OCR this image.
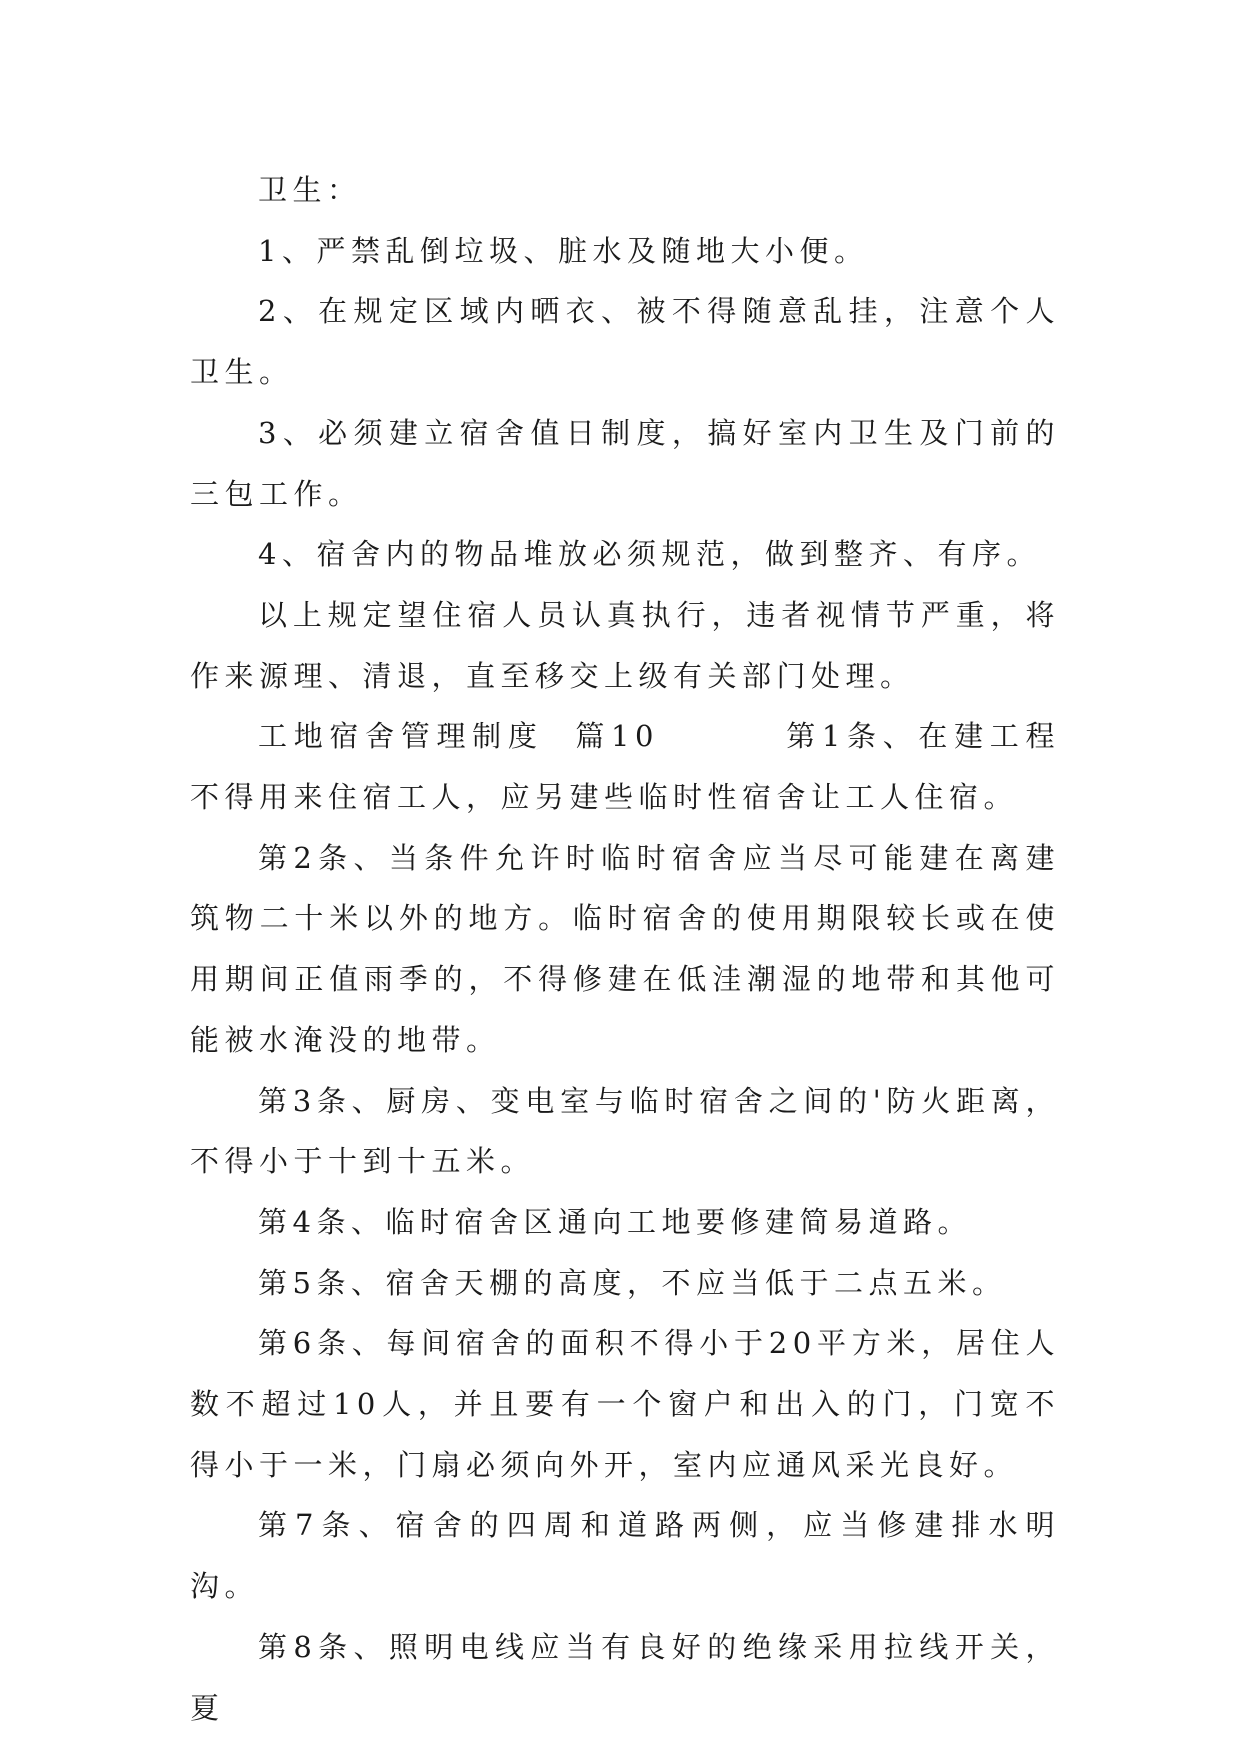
卫生：

1、严禁乱倒垃圾、脏水及随地大小便。

2、在规定区域内晒衣、被不得随意乱挂，注意个人卫生。

3、必须建立宿舍值日制度，搞好室内卫生及门前的三包工作。

4、宿舍内的物品堆放必须规范，做到整齐、有序。

以上规定望住宿人员认真执行，违者视情节严重，将作来源理、清退，直至移交上级有关部门处理。

工地宿舍管理制度  篇10        第1条、在建工程不得用来住宿工人，应另建些临时性宿舍让工人住宿。

第2条、当条件允许时临时宿舍应当尽可能建在离建筑物二十米以外的地方。临时宿舍的使用期限较长或在使用期间正值雨季的，不得修建在低洼潮湿的地带和其他可能被水淹没的地带。

第3条、厨房、变电室与临时宿舍之间的'防火距离，不得小于十到十五米。

第4条、临时宿舍区通向工地要修建简易道路。

第5条、宿舍天棚的高度，不应当低于二点五米。

第6条、每间宿舍的面积不得小于20平方米，居住人数不超过10人，并且要有一个窗户和出入的门，门宽不得小于一米，门扇必须向外开，室内应通风采光良好。

第7条、宿舍的四周和道路两侧，应当修建排水明沟。

第8条、照明电线应当有良好的绝缘采用拉线开关，夏
